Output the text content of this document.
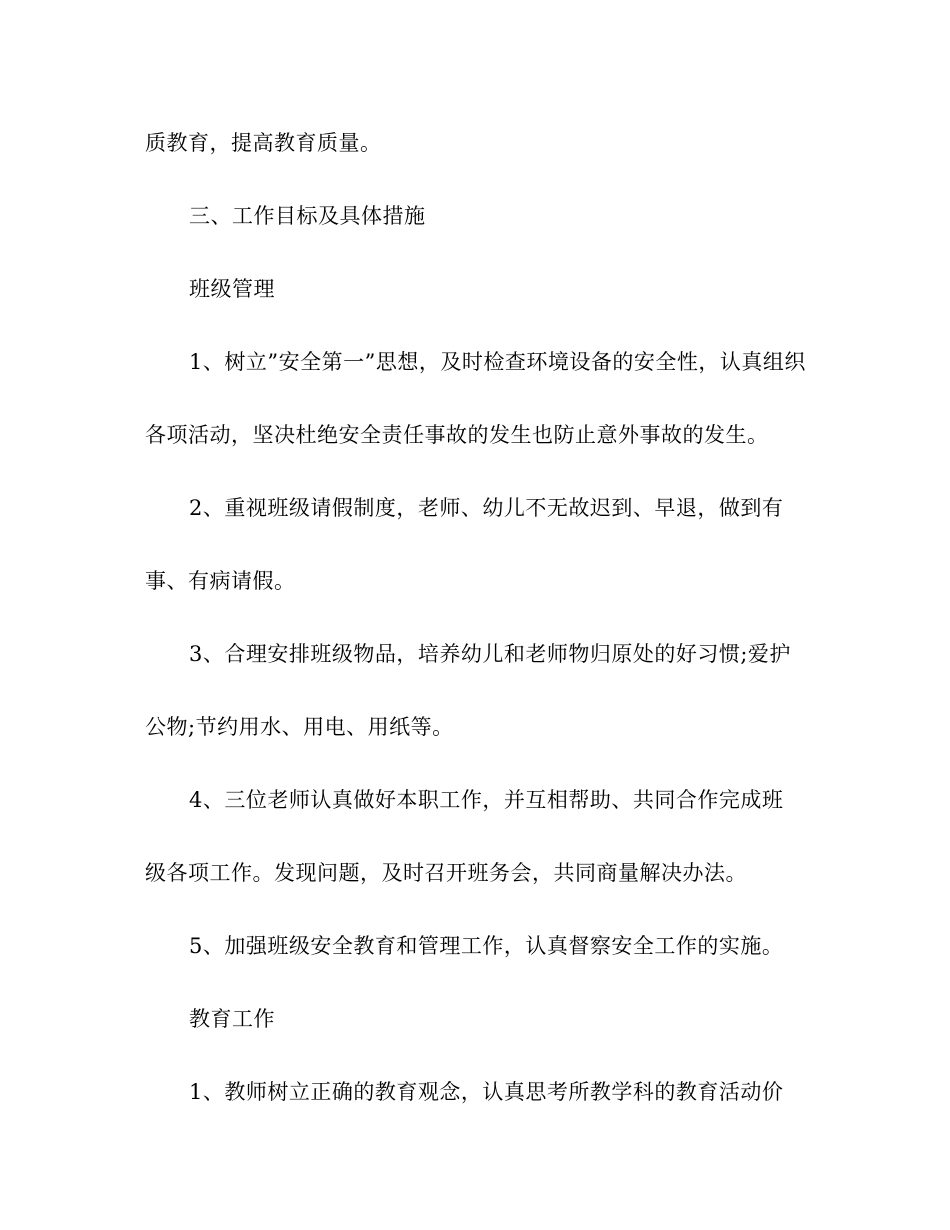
质教育，提高教育质量。
三、工作目标及具体措施
班级管理
1、树立”安全第一”思想，及时检查环境设备的安全性，认真组织
各项活动，坚决杜绝安全责任事故的发生也防止意外事故的发生。
2、重视班级请假制度，老师、幼儿不无故迟到、早退，做到有
事、有病请假。
3、合理安排班级物品，培养幼儿和老师物归原处的好习惯;爱护
公物;节约用水、用电、用纸等。
4、三位老师认真做好本职工作，并互相帮助、共同合作完成班
级各项工作。发现问题，及时召开班务会，共同商量解决办法。
5、加强班级安全教育和管理工作，认真督察安全工作的实施。
教育工作
1、教师树立正确的教育观念，认真思考所教学科的教育活动价
